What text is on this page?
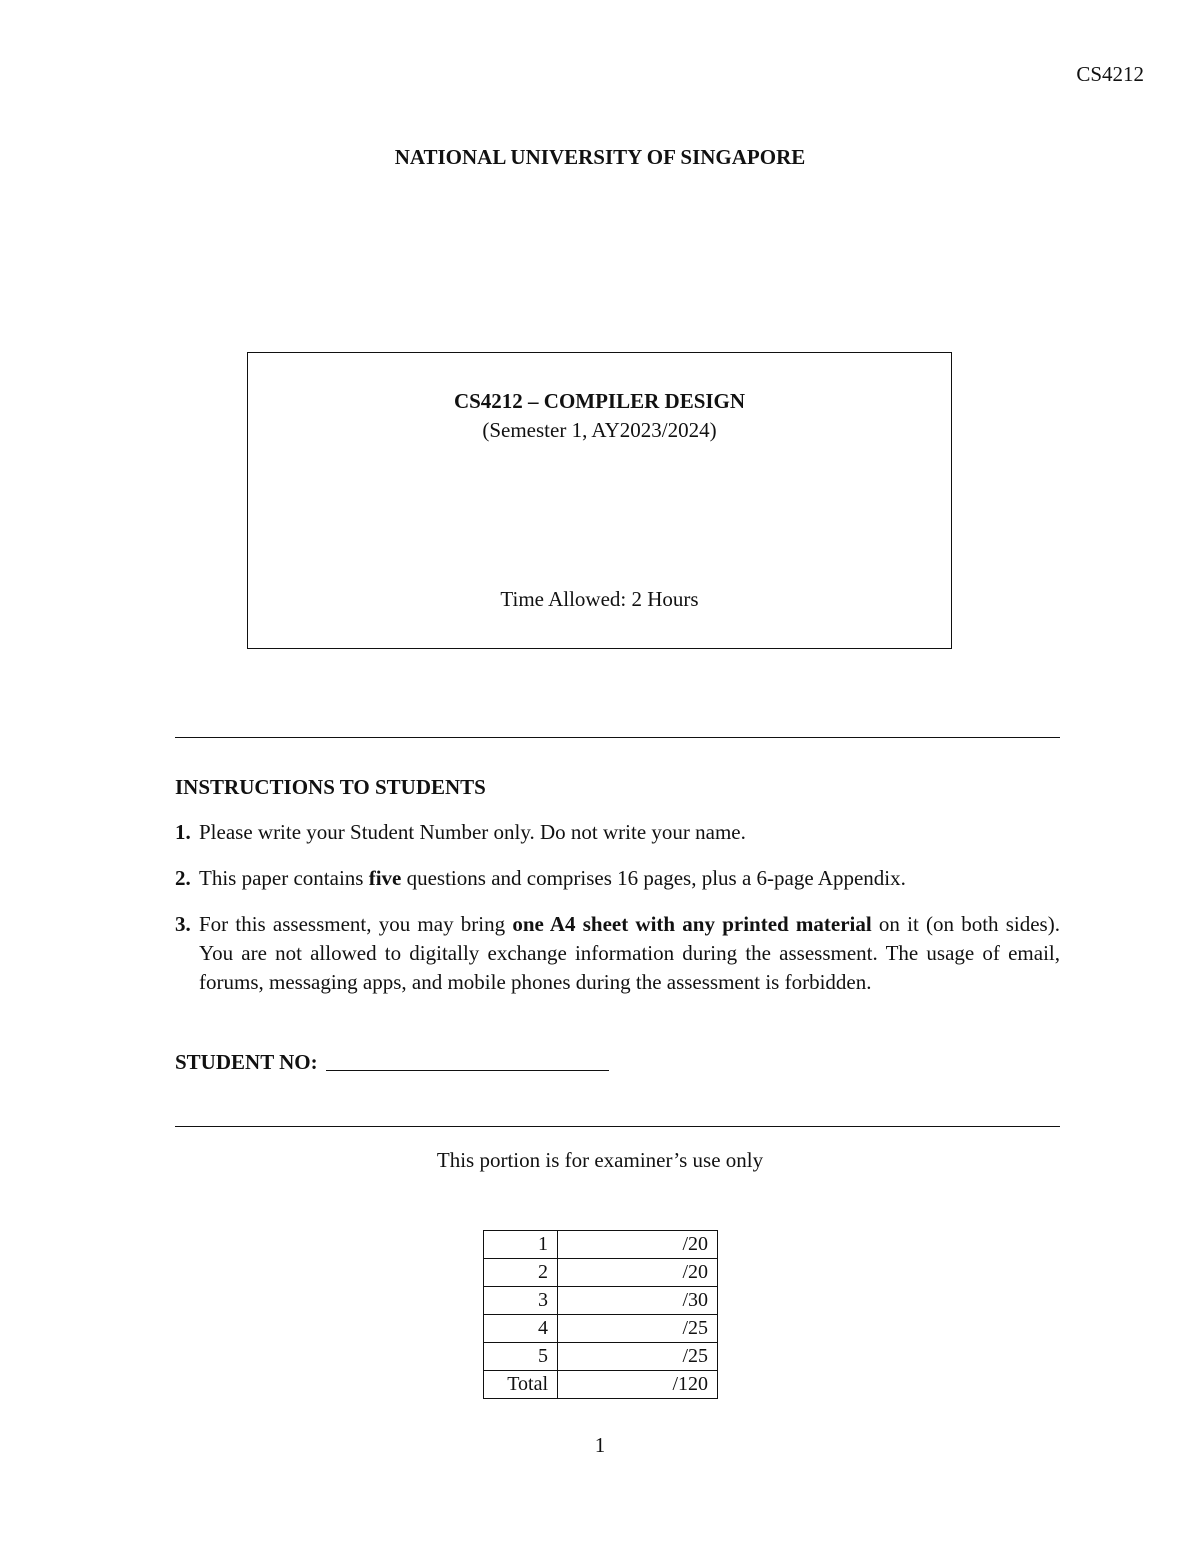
CS4212
NATIONAL UNIVERSITY OF SINGAPORE
CS4212 – COMPILER DESIGN
(Semester 1, AY2023/2024)
Time Allowed: 2 Hours
INSTRUCTIONS TO STUDENTS
1. Please write your Student Number only. Do not write your name.
2. This paper contains five questions and comprises 16 pages, plus a 6-page Appendix.
3. For this assessment, you may bring one A4 sheet with any printed material on it (on both sides). You are not allowed to digitally exchange information during the assessment. The usage of email, forums, messaging apps, and mobile phones during the assessment is forbidden.
STUDENT NO:
This portion is for examiner’s use only
1	/20
2	/20
3	/30
4	/25
5	/25
Total	/120
1
